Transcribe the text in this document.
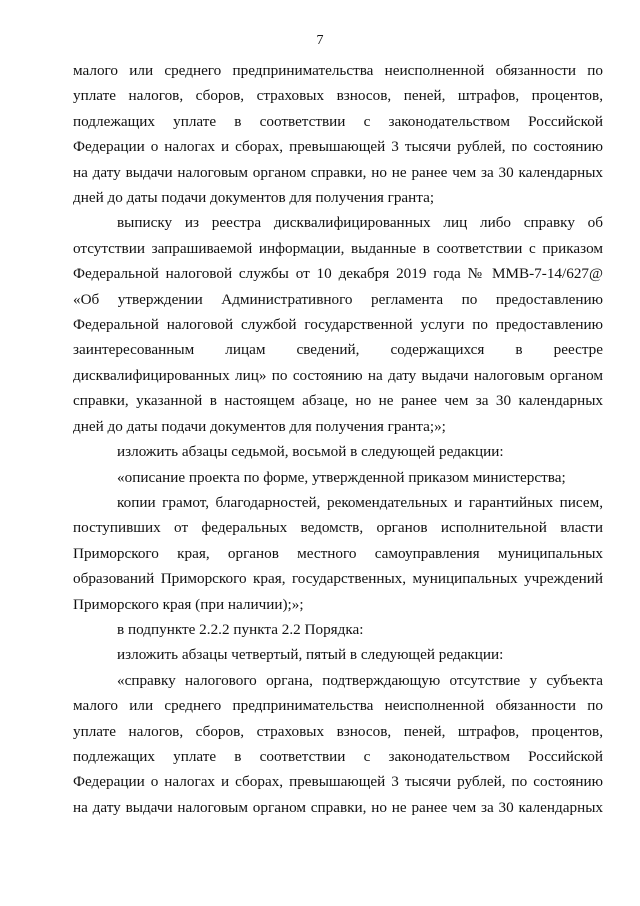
7
малого или среднего предпринимательства неисполненной обязанности по
уплате налогов, сборов, страховых взносов, пеней, штрафов, процентов,
подлежащих уплате в соответствии с законодательством Российской
Федерации о налогах и сборах, превышающей 3 тысячи рублей, по состоянию
на дату выдачи налоговым органом справки, но не ранее чем за 30 календарных
дней до даты подачи документов для получения гранта;
выписку из реестра дисквалифицированных лиц либо справку об
отсутствии запрашиваемой информации, выданные в соответствии с приказом
Федеральной налоговой службы от 10 декабря 2019 года № ММВ-7-14/627@
«Об утверждении Административного регламента по предоставлению
Федеральной налоговой службой государственной услуги по предоставлению
заинтересованным лицам сведений, содержащихся в реестре
дисквалифицированных лиц» по состоянию на дату выдачи налоговым органом
справки, указанной в настоящем абзаце, но не ранее чем за 30 календарных
дней до даты подачи документов для получения гранта;»;
изложить абзацы седьмой, восьмой в следующей редакции:
«описание проекта по форме, утвержденной приказом министерства;
копии грамот, благодарностей, рекомендательных и гарантийных писем,
поступивших от федеральных ведомств, органов исполнительной власти
Приморского края, органов местного самоуправления муниципальных
образований Приморского края, государственных, муниципальных учреждений
Приморского края (при наличии);»;
в подпункте 2.2.2 пункта 2.2 Порядка:
изложить абзацы четвертый, пятый в следующей редакции:
«справку налогового органа, подтверждающую отсутствие у субъекта
малого или среднего предпринимательства неисполненной обязанности по
уплате налогов, сборов, страховых взносов, пеней, штрафов, процентов,
подлежащих уплате в соответствии с законодательством Российской
Федерации о налогах и сборах, превышающей 3 тысячи рублей, по состоянию
на дату выдачи налоговым органом справки, но не ранее чем за 30 календарных
